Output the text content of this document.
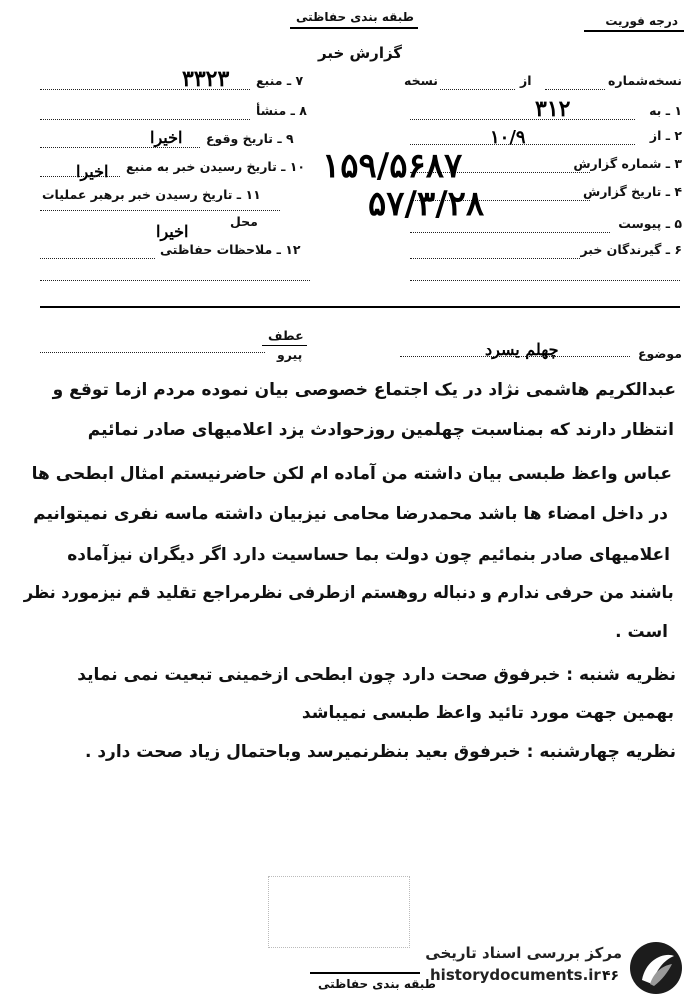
درجه فوریت
طبقه بندی حفاظتی
گزارش خبر
نسخه‌شماره
از
نسخه
۱ ـ به
۳۱۲
۲ ـ از
۱۰/۹
۳ ـ شماره گزارش
۱۵۹/۵۶۸۷
۴ ـ تاریخ گزارش
۵۷/۳/۲۸	۵ ـ پیوست
۶ ـ گیرندگان خبر
۷ ـ منبع
۳۳۲۳
۸ ـ منشأ
۹ ـ تاریخ وقوع
اخیرا
۱۰ ـ تاریخ رسیدن خبر به منبع
اخیرا
۱۱ ـ تاریخ رسیدن خبر برهبر عملیات
محل
اخیرا
۱۲ ـ ملاحظات حفاظتی
عطف
پیرو	موضوع
چهلم یسرد
عبدالکریم هاشمی نژاد در یک اجتماع خصوصی بیان نموده مردم ازما توقع و
انتظار دارند که بمناسبت چهلمین روزحوادث یزد اعلامیهای صادر نمائیم
عباس واعظ طبسی بیان داشته من آماده ام لکن حاضرنیستم امثال ابطحی ها
در داخل امضاء ها باشد محمدرضا محامی نیزبیان داشته ماسه نفری نمیتوانیم
اعلامیهای صادر بنمائیم چون دولت بما حساسیت دارد اگر دیگران نیزآماده
باشند من حرفی ندارم و دنباله روهستم ازطرفی نظرمراجع تقلید قم نیزمورد نظر
است .
نظریه شنبه : خبرفوق صحت دارد چون ابطحی ازخمینی تبعیت نمی نماید
بهمین جهت مورد تائید واعظ طبسی نمیباشد
نظریه چهارشنبه : خبرفوق بعید بنظرنمیرسد وباحتمال زیاد صحت دارد .
مرکز بررسی اسناد تاریخی
historydocuments.ir ۴۶
طبقه بندی حفاظتی
